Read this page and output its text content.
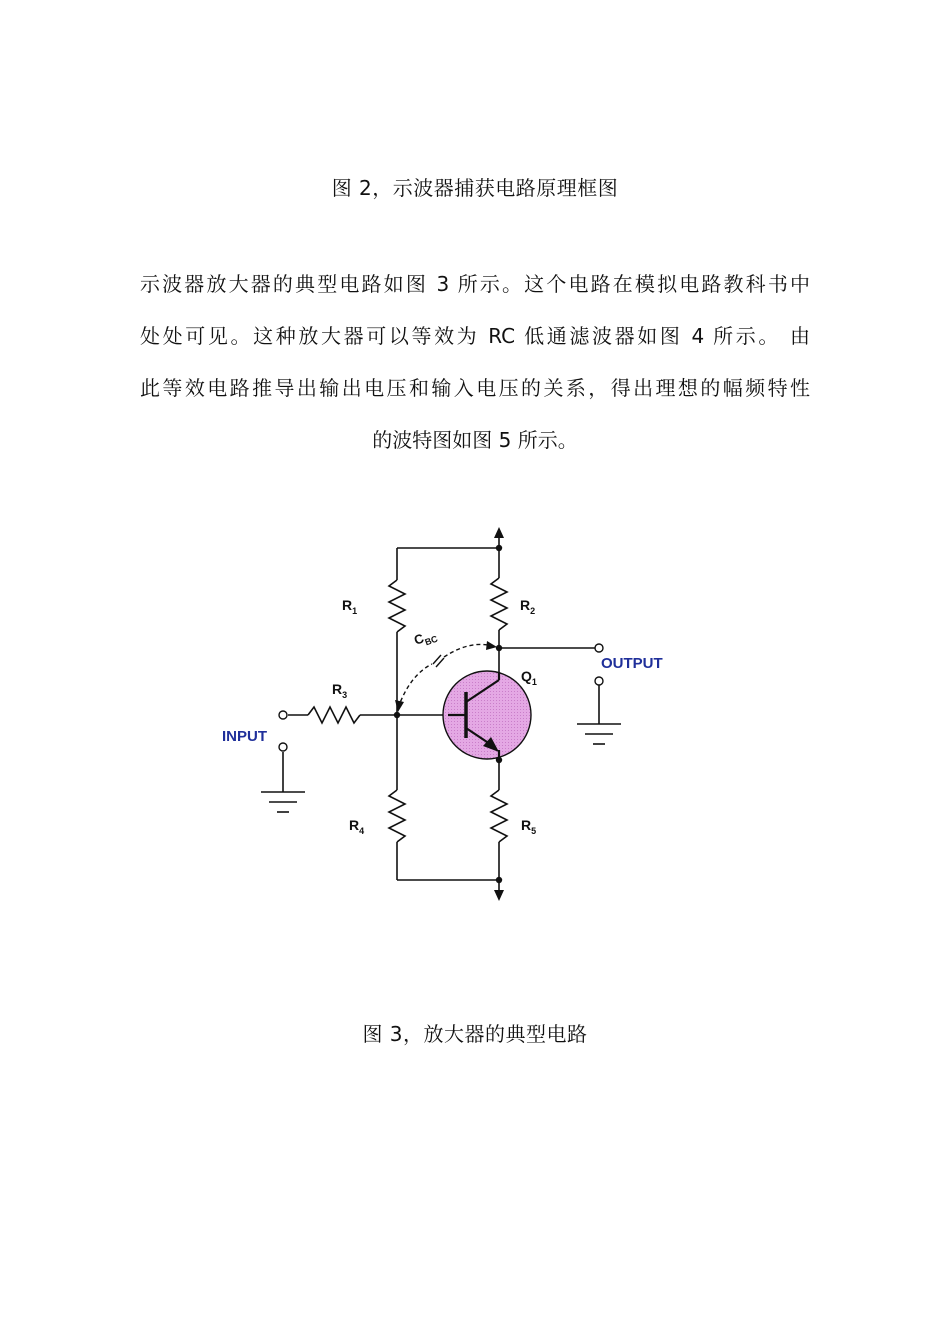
图 2，示波器捕获电路原理框图
示波器放大器的典型电路如图 3 所示。这个电路在模拟电路教科书中
处处可见。这种放大器可以等效为 RC 低通滤波器如图 4 所示。 由
此等效电路推导出输出电压和输入电压的关系，得出理想的幅频特性
的波特图如图 5 所示。
$R_1$	$R_2$
$R_3$
$R_4$	$R_5$
$Q_1$
$C_{BC}$
INPUT
OUTPUT
图 3，放大器的典型电路
